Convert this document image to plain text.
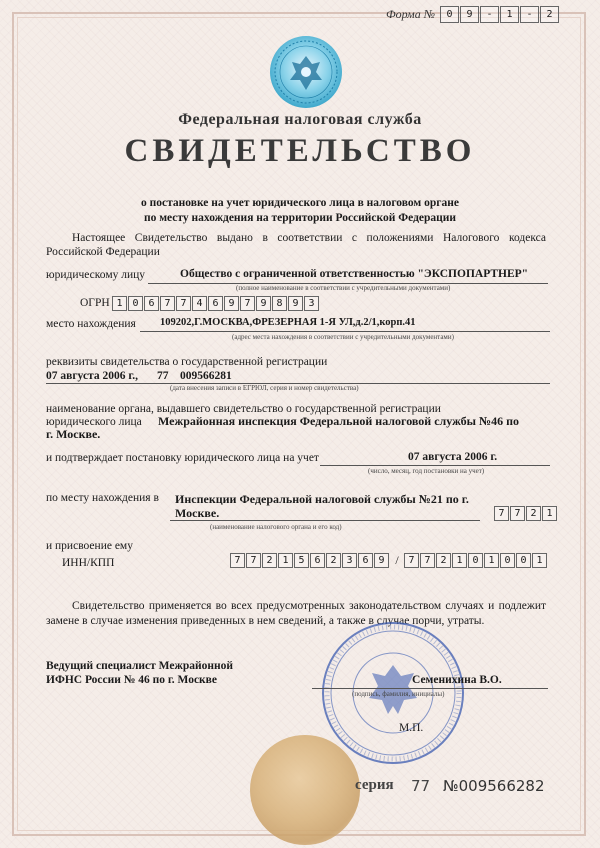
Форма №	0	9	-	1	-	2
Федеральная налоговая служба
СВИДЕТЕЛЬСТВО
о постановке на учет юридического лица в налоговом органе
по месту нахождения на территории Российской Федерации
Настоящее Свидетельство выдано в соответствии с положениями Налогового кодекса Российской Федерации
юридическому лицу	Общество с ограниченной ответственностью "ЭКСПОПАРТНЕР"
(полное наименование в соответствии с учредительными документами)
ОГРН 1 0 6 7 7 4 6 9 7 9 8 9 3
место нахождения 109202,Г.МОСКВА,ФРЕЗЕРНАЯ 1-Я УЛ,д.2/1,корп.41
(адрес места нахождения в соответствии с учредительными документами)
реквизиты свидетельства о государственной регистрации
07 августа 2006 г., 77 009566281
(дата внесения записи в ЕГРЮЛ, серия и номер свидетельства)
наименование органа, выдавшего свидетельство о государственной регистрации
юридического лица Межрайонная инспекция Федеральной налоговой службы №46 по
г. Москве.
и подтверждает постановку юридического лица на учет	07 августа 2006 г.
(число, месяц, год постановки на учет)
по месту нахождения в Инспекции Федеральной налоговой службы №21 по г.
Москве.
(наименование налогового органа и его код)
7 7 2 1
и присвоение ему
ИНН/КПП	7 7 2 1 5 6 2 3 6 9 / 7 7 2 1 0 1 0 0 1
Свидетельство применяется во всех предусмотренных законодательством случаях и подлежит замене в случае изменения приведенных в нем сведений, а также в случае порчи, утраты.
Ведущий специалист Межрайонной
ИФНС России № 46 по г. Москве	Семенихина В.О.
(подпись, фамилия, инициалы)
М.П.
серия 77 №009566282
